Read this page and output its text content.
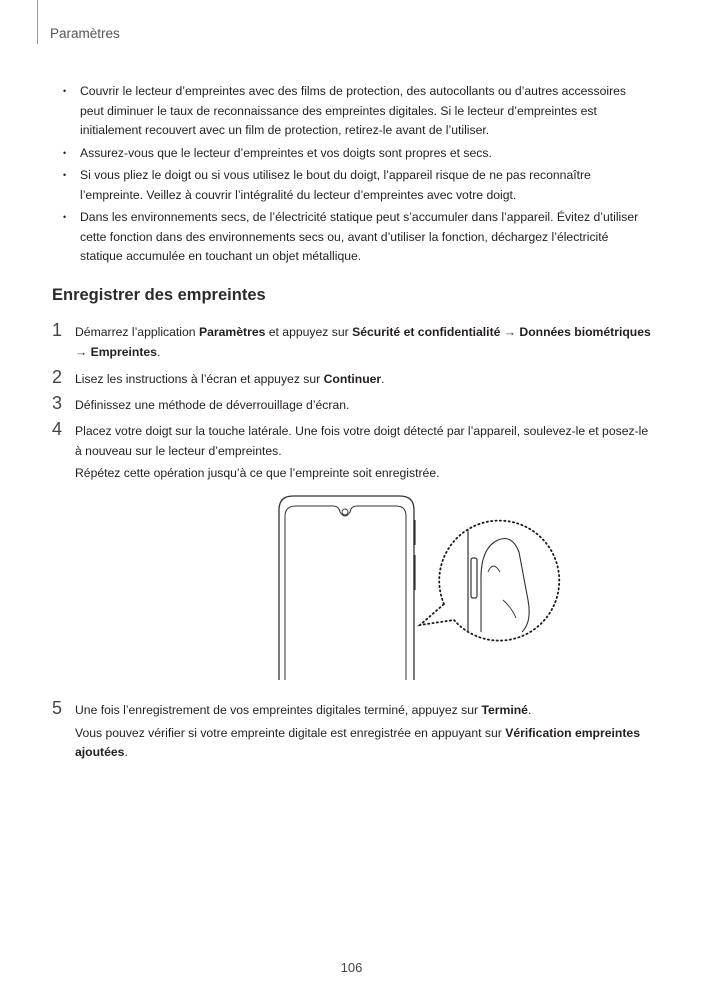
Paramètres
• Couvrir le lecteur d’empreintes avec des films de protection, des autocollants ou d’autres accessoires peut diminuer le taux de reconnaissance des empreintes digitales. Si le lecteur d’empreintes est initialement recouvert avec un film de protection, retirez-le avant de l’utiliser.
• Assurez-vous que le lecteur d’empreintes et vos doigts sont propres et secs.
• Si vous pliez le doigt ou si vous utilisez le bout du doigt, l’appareil risque de ne pas reconnaître l’empreinte. Veillez à couvrir l’intégralité du lecteur d’empreintes avec votre doigt.
• Dans les environnements secs, de l’électricité statique peut s’accumuler dans l’appareil. Évitez d’utiliser cette fonction dans des environnements secs ou, avant d’utiliser la fonction, déchargez l’électricité statique accumulée en touchant un objet métallique.
Enregistrer des empreintes
1 Démarrez l’application Paramètres et appuyez sur Sécurité et confidentialité → Données biométriques
→ Empreintes.

2 Lisez les instructions à l’écran et appuyez sur Continuer.

3 Définissez une méthode de déverrouillage d’écran.

4 Placez votre doigt sur la touche latérale. Une fois votre doigt détecté par l’appareil, soulevez-le et posez-le à nouveau sur le lecteur d’empreintes.

Répétez cette opération jusqu’à ce que l’empreinte soit enregistrée.

5 Une fois l’enregistrement de vos empreintes digitales terminé, appuyez sur Terminé.

Vous pouvez vérifier si votre empreinte digitale est enregistrée en appuyant sur Vérification empreintes ajoutées.

106
